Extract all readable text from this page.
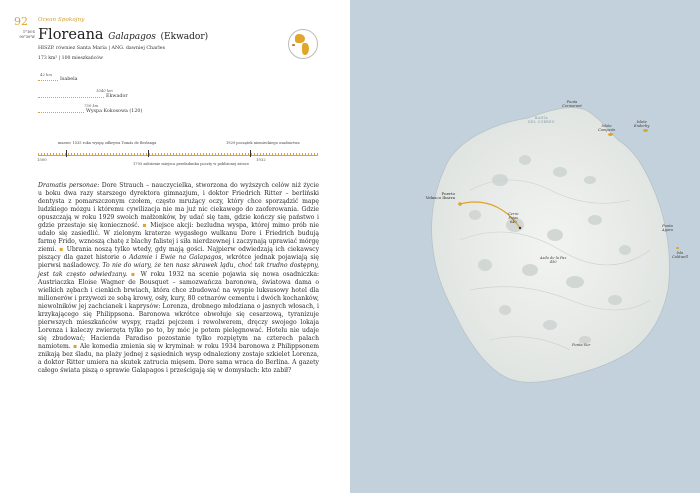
92 Ocean Spokojny
1°16'S
90°30'W Floreana Galapagos (Ekwador)
HISZP. równiez Santa Maria | ANG. dawniej Charles
173 km² | 100 mieszkańców
42 km
Isabela
1040 km
Ekwador
750 km
Wyspa Kokosowa (120)
marzec 1535 roku wyspę odkrywa Tomás de Berlanga	1929 początek niemieckiego osadnictwa
1500	1932
1793 założenie miejsca przeładunku poczty w pobliżonej zatoce
Dramatis personae: Dore Strauch – nauczycielka, stworzona do wyższych celów niż życie u boku dwa razy starszego dyrektora gimnazjum, i doktor Friedrich Ritter – berliński dentysta z pomarszczonym czołem, często mrużący oczy, który chce sporządzić mapę ludzkiego mózgu i któremu cywilizacja nie ma już nic ciekawego do zaoferowania. Gdzie opuszczają w roku 1929 swoich małżonków, by udać się tam, gdzie kończy się państwo i gdzie przestaje się konieczność. ▪ Miejsce akcji: bezludna wyspa, której mimo prób nie udało się zasiedlić. W zielonym kraterze wygasłego wulkanu Dore i Friedrich budują farmę Frido, wznoszą chatę z blachy falistej i siła nierdzewnej i zaczynają uprawiać mórgę ziemi. ▪ Ubrania noszą tylko wtedy, gdy mają gości. Najpierw odwiedzają ich ciekawscy piszący dla gazet historie o Adamie i Ewie na Galapagos, wkrótce jednak pojawiają się pierwsi naśladowcy. To nie do wiary, że ten nasz skrawek lądu, choć tak trudno dostępny, jest tak często odwiedzany. ▪ W roku 1932 na scenie pojawia się nowa osadniczka: Austriaczka Eloise Wagner de Bousquet – samozwańcza baronowa, światowa dama o wielkich zębach i cienkich brwiach, która chce zbudować na wyspie luksusowy hotel dla milionerów i przywozi ze sobą krowy, osły, kury, 80 cetnarów cementu i dwóch kochanków, niewolników jej zachcianek i kaprysów: Lorenza, drobnego młodziana o jasnych włosach, i krzykającego się Philippsona. Baronowa wkrótce obwołuje się cesarzową, tyranizuje pierwszych mieszkańców wyspy, rządzi pejczem i rewolwerem, dręczy swojego lokaja Lorenza i kaleczy zwierzęta tylko po to, by móc je potem pielęgnować. Hotelu nie udaje się zbudować; Hacienda Paradiso pozostanie tylko rozpiętym na czterech palach namiotem. ▪ Ale komedia zmienia się w kryminał: w roku 1934 baronowa z Philippsonem znikają bez śladu, na plaży jednej z sąsiednich wysp odnaleziony zostaje szkielet Lorenza, a doktor Ritter umiera na skutek zatrucia mięsem. Dore sama wraca do Berlina. A gazety całego świata piszą o sprawie Galapagos i prześcigają się w domysłach: kto zabił?
Punta
Cormorant
BAHÍA
DEL CORREO
Islote
Campeón
Islote
Enderby
Puerto
Velasco Ibarra
Cerro
Pajas
640
Punta
Agora
Isla
Caldwell
Asilo de la Paz
450
Punta Sur
